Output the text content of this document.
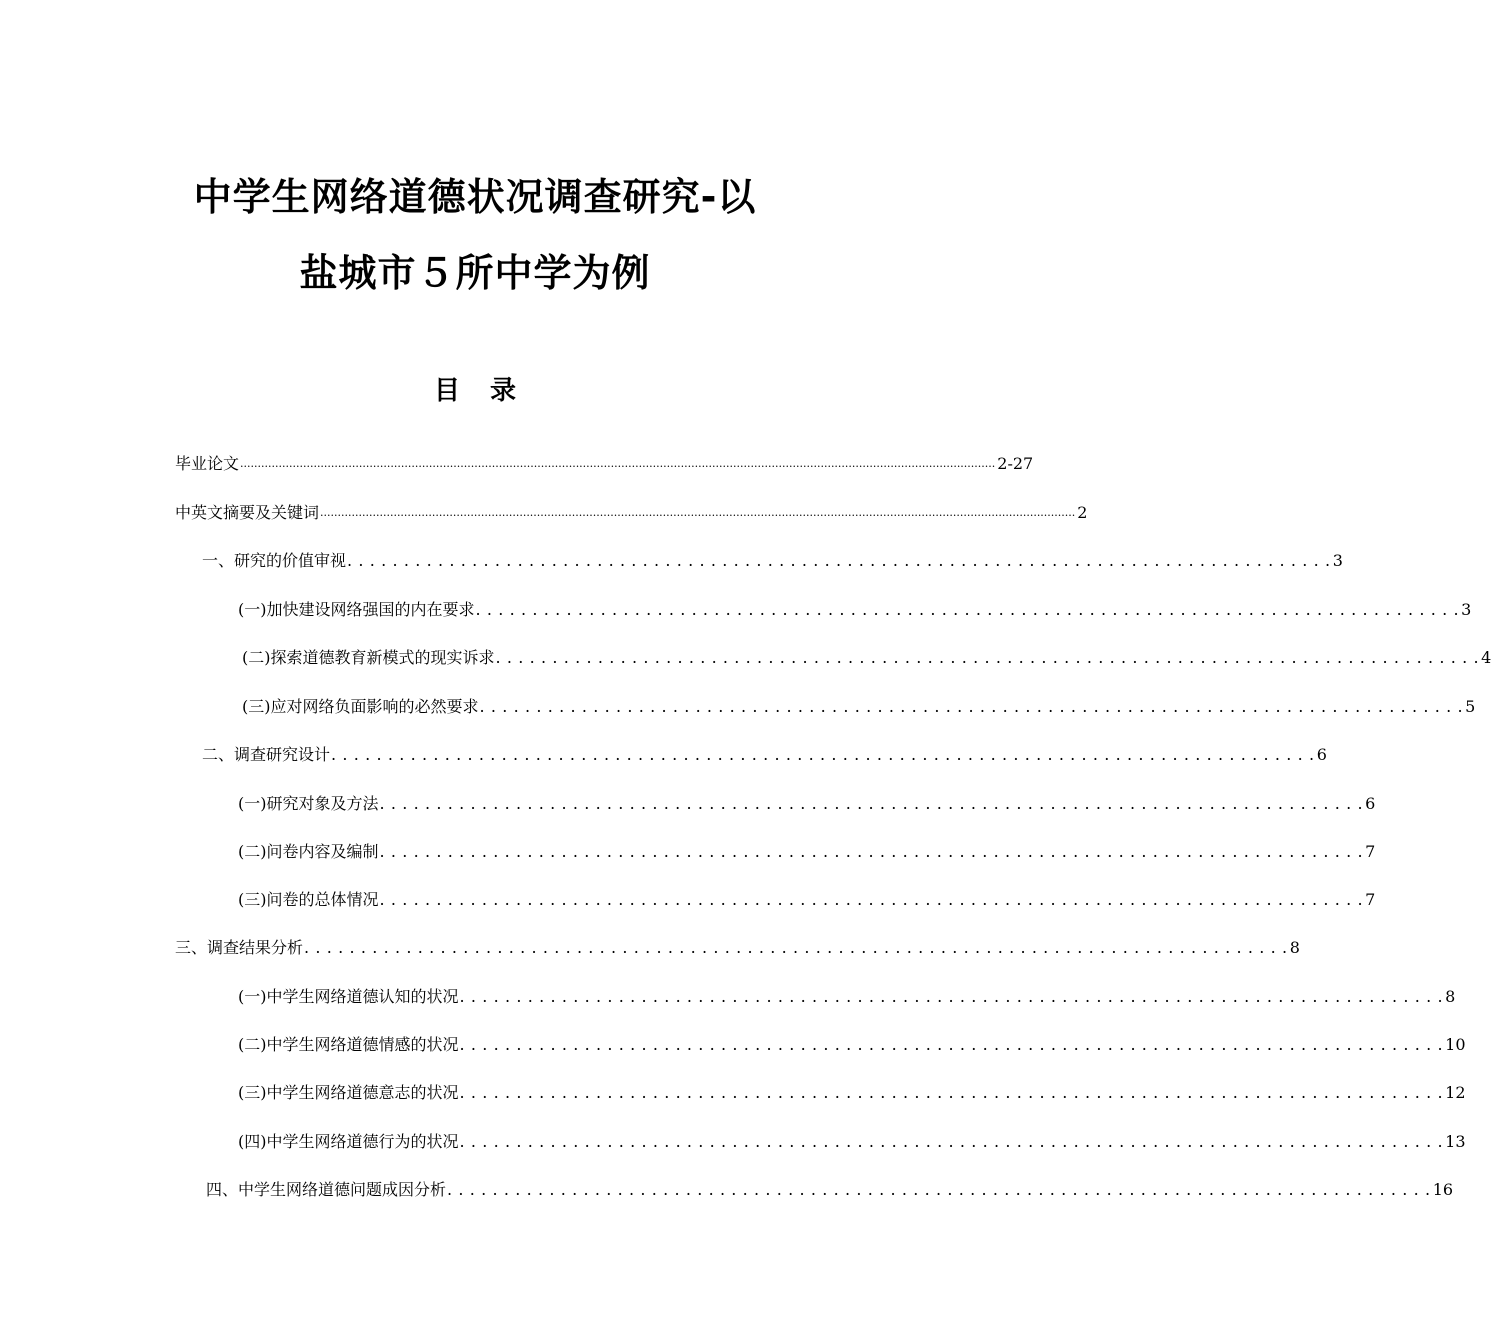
中学生网络道德状况调查研究-以
盐城市５所中学为例
目录
毕业论文 ........................................................................................................................................................................................................................ 2-27
中英文摘要及关键词 ........................................................................................................................................................................................................................ 2
一、研究的价值审视 . . . . . . . . . . . . . . . . . . . . . . . . . . . . . . . . . . . . . . . . . . . . . . . . . . . . . . . . . . . . . . . . . . . . . . . . . . . . . . . . . . . . . . . 3
(一)加快建设网络强国的内在要求 . . . . . . . . . . . . . . . . . . . . . . . . . . . . . . . . . . . . . . . . . . . . . . . . . . . . . . . . . . . . . . . . . . . . . . . . . . . . . . . . . . . . . . . 3
(二)探索道德教育新模式的现实诉求 . . . . . . . . . . . . . . . . . . . . . . . . . . . . . . . . . . . . . . . . . . . . . . . . . . . . . . . . . . . . . . . . . . . . . . . . . . . . . . . . . . . . . . . 4
(三)应对网络负面影响的必然要求 . . . . . . . . . . . . . . . . . . . . . . . . . . . . . . . . . . . . . . . . . . . . . . . . . . . . . . . . . . . . . . . . . . . . . . . . . . . . . . . . . . . . . . . 5
二、调查研究设计 . . . . . . . . . . . . . . . . . . . . . . . . . . . . . . . . . . . . . . . . . . . . . . . . . . . . . . . . . . . . . . . . . . . . . . . . . . . . . . . . . . . . . . . 6
(一)研究对象及方法 . . . . . . . . . . . . . . . . . . . . . . . . . . . . . . . . . . . . . . . . . . . . . . . . . . . . . . . . . . . . . . . . . . . . . . . . . . . . . . . . . . . . . . . 6
(二)问卷内容及编制 . . . . . . . . . . . . . . . . . . . . . . . . . . . . . . . . . . . . . . . . . . . . . . . . . . . . . . . . . . . . . . . . . . . . . . . . . . . . . . . . . . . . . . . 7
(三)问卷的总体情况 . . . . . . . . . . . . . . . . . . . . . . . . . . . . . . . . . . . . . . . . . . . . . . . . . . . . . . . . . . . . . . . . . . . . . . . . . . . . . . . . . . . . . . . 7
三、调查结果分析 . . . . . . . . . . . . . . . . . . . . . . . . . . . . . . . . . . . . . . . . . . . . . . . . . . . . . . . . . . . . . . . . . . . . . . . . . . . . . . . . . . . . . . . 8
(一)中学生网络道德认知的状况 . . . . . . . . . . . . . . . . . . . . . . . . . . . . . . . . . . . . . . . . . . . . . . . . . . . . . . . . . . . . . . . . . . . . . . . . . . . . . . . . . . . . . . . 8
(二)中学生网络道德情感的状况 . . . . . . . . . . . . . . . . . . . . . . . . . . . . . . . . . . . . . . . . . . . . . . . . . . . . . . . . . . . . . . . . . . . . . . . . . . . . . . . . . . . . . . . 10
(三)中学生网络道德意志的状况 . . . . . . . . . . . . . . . . . . . . . . . . . . . . . . . . . . . . . . . . . . . . . . . . . . . . . . . . . . . . . . . . . . . . . . . . . . . . . . . . . . . . . . . 12
(四)中学生网络道德行为的状况 . . . . . . . . . . . . . . . . . . . . . . . . . . . . . . . . . . . . . . . . . . . . . . . . . . . . . . . . . . . . . . . . . . . . . . . . . . . . . . . . . . . . . . . 13
四、中学生网络道德问题成因分析 . . . . . . . . . . . . . . . . . . . . . . . . . . . . . . . . . . . . . . . . . . . . . . . . . . . . . . . . . . . . . . . . . . . . . . . . . . . . . . . . . . . . . . . 16
